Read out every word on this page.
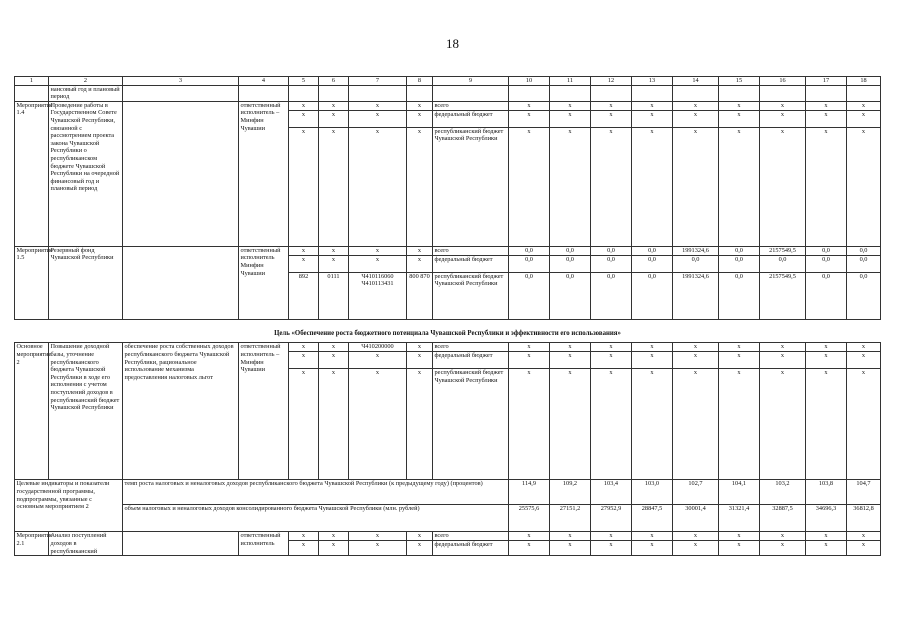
18
1	2	3	4	5	6	7	8	9	10	11	12	13	14	15	16	17	18
	нансовый год и плановый период																
Мероприятие 1.4	Проведение работы в Государственном Совете Чувашской Республики, связанной с рассмотрением проекта закона Чувашской Республики о республиканском бюджете Чувашской Республики на очередной финансовый год и плановый период		ответственный исполнитель – Минфин Чувашии	x	x	x	x	всего	x	x	x	x	x	x	x	x	x
				x	x	x	x	федеральный бюджет	x	x	x	x	x	x	x	x	x
				x	x	x	x	республиканский бюджет Чувашской Республики	x	x	x	x	x	x	x	x	x
Мероприятие 1.5	Резервный фонд Чувашской Республики		ответственный исполнитель Минфин Чувашии	x	x	x	x	всего	0,0	0,0	0,0	0,0	1991324,6	0,0	2157549,5	0,0	0,0
				x	x	x	x	федеральный бюджет	0,0	0,0	0,0	0,0	0,0	0,0	0,0	0,0	0,0
				892	0111	Ч410116060 Ч410113431	800 870	республиканский бюджет Чувашской Республики	0,0	0,0	0,0	0,0	1991324,6	0,0	2157549,5	0,0	0,0
Цель «Обеспечение роста бюджетного потенциала Чувашской Республики и эффективности его использования»																	
Основное мероприятие 2	Повышение доходной базы, уточнение республиканского бюджета Чувашской Республики в ходе его исполнения с учетом поступлений доходов в республиканский бюджет Чувашской Республики	обеспечение роста собственных доходов республиканского бюджета Чувашской Республики, рациональное использование механизма предоставления налоговых льгот	ответственный исполнитель – Минфин Чувашии	x	x	Ч410200000	x	всего	x	x	x	x	x	x	x	x	x
				x	x	x	x	федеральный бюджет	x	x	x	x	x	x	x	x	x
				x	x	x	x	республиканский бюджет Чувашской Республики	x	x	x	x	x	x	x	x	x
Целевые индикаторы и показатели государственной программы, подпрограммы, увязанные с основным мероприятием 2		темп роста налоговых и неналоговых доходов республиканского бюджета Чувашской Республики (к предыдущему году) (процентов)							114,9	109,2	103,4	103,0	102,7	104,1	103,2	103,8	104,7
		объем налоговых и неналоговых доходов консолидированного бюджета Чувашской Республики (млн. рублей)							25575,6	27151,2	27952,9	28847,5	30001,4	31321,4	32887,5	34696,3	36812,8
Мероприятие 2.1	Анализ поступлений доходов в республиканский		ответственный исполнитель	x	x	x	x	всего	x	x	x	x	x	x	x	x	x
				x	x	x	x	федеральный бюджет	x	x	x	x	x	x	x	x	x
